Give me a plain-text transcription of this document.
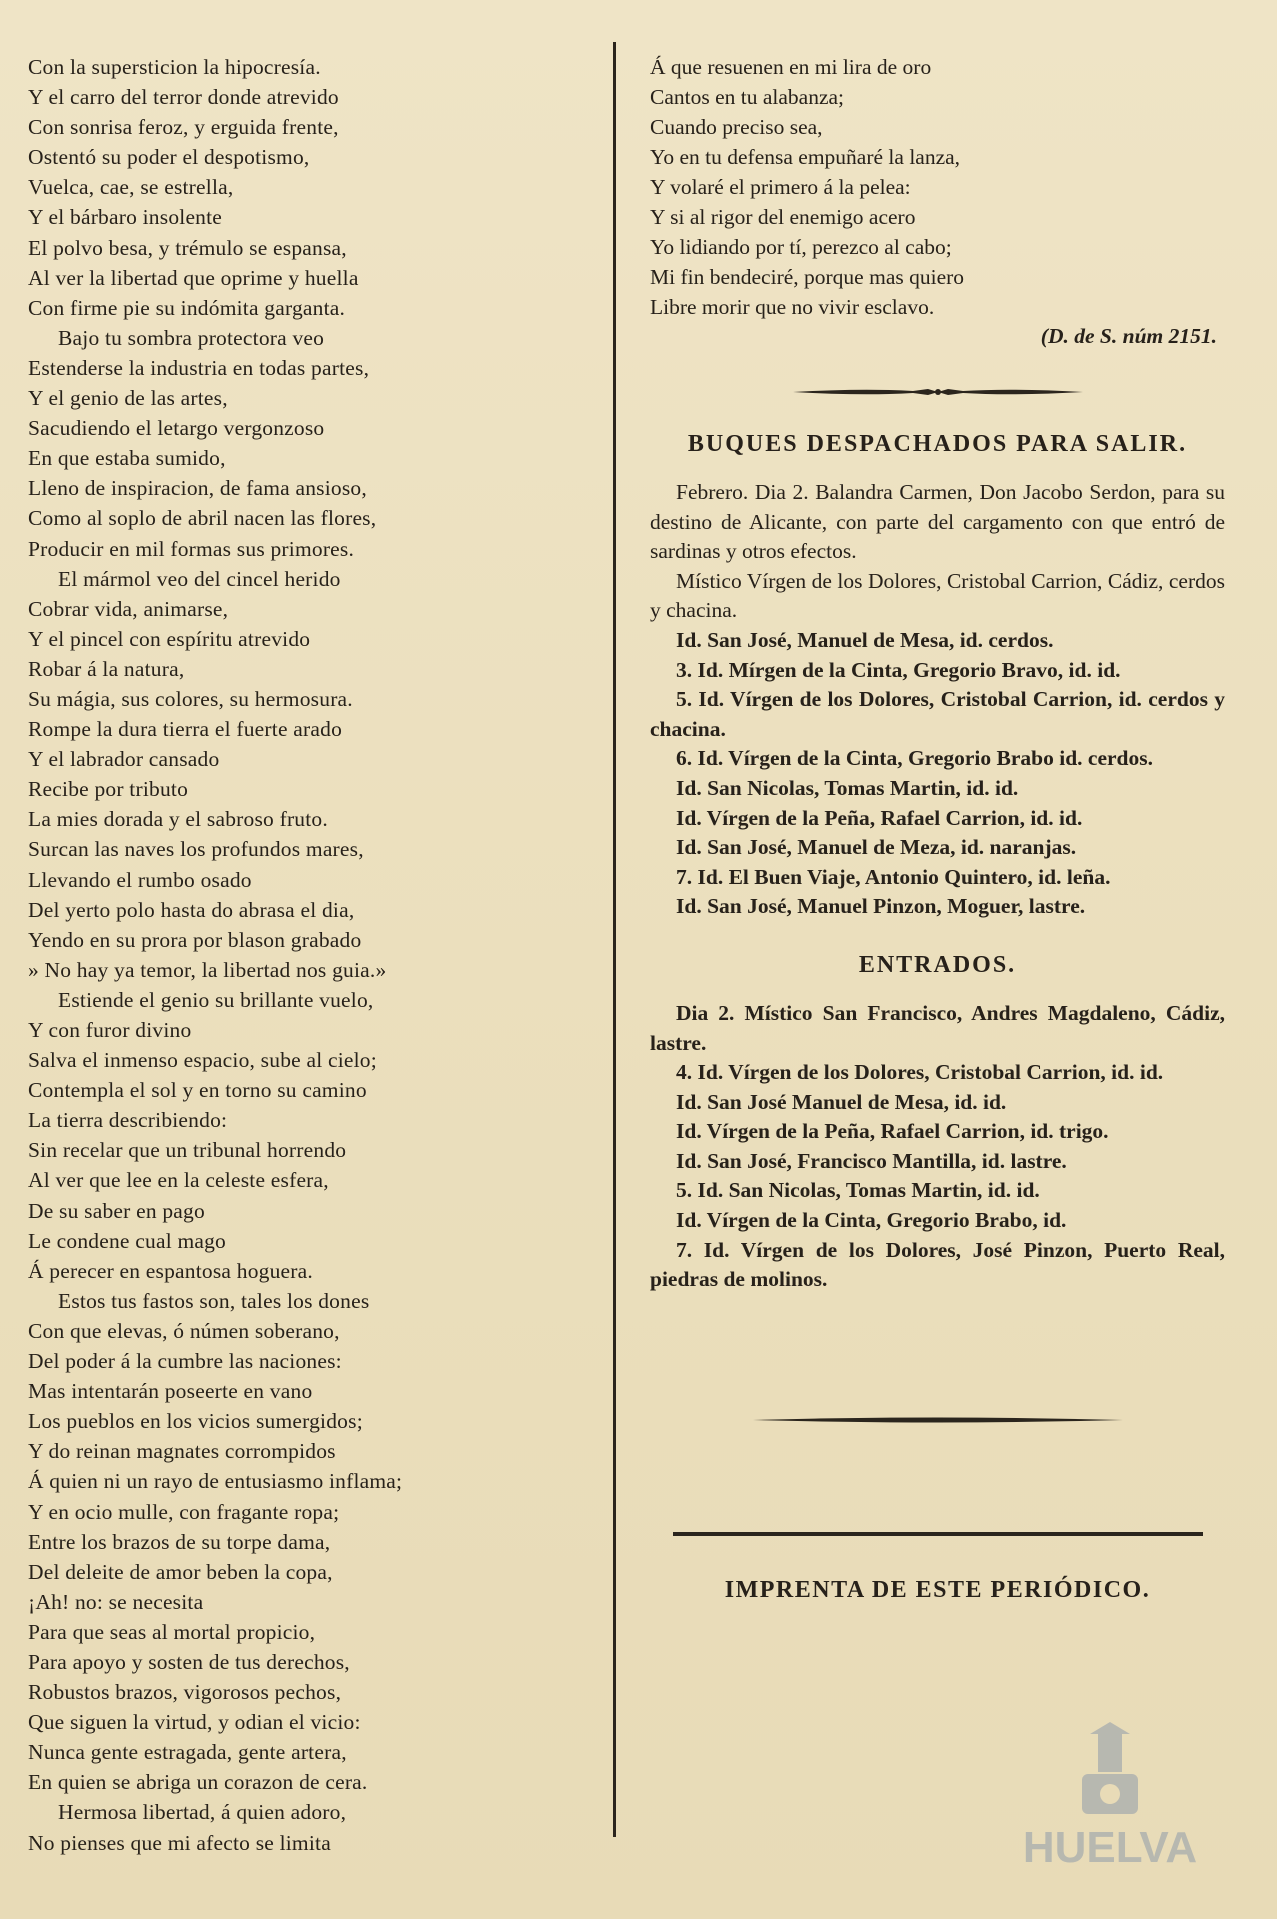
Con la supersticion la hipocresía.
Y el carro del terror donde atrevido
Con sonrisa feroz, y erguida frente,
Ostentó su poder el despotismo,
Vuelca, cae, se estrella,
Y el bárbaro insolente
El polvo besa, y trémulo se espansa,
Al ver la libertad que oprime y huella
Con firme pie su indómita garganta.
Bajo tu sombra protectora veo
Estenderse la industria en todas partes,
Y el genio de las artes,
Sacudiendo el letargo vergonzoso
En que estaba sumido,
Lleno de inspiracion, de fama ansioso,
Como al soplo de abril nacen las flores,
Producir en mil formas sus primores.
El mármol veo del cincel herido
Cobrar vida, animarse,
Y el pincel con espíritu atrevido
Robar á la natura,
Su mágia, sus colores, su hermosura.
Rompe la dura tierra el fuerte arado
Y el labrador cansado
Recibe por tributo
La mies dorada y el sabroso fruto.
Surcan las naves los profundos mares,
Llevando el rumbo osado
Del yerto polo hasta do abrasa el dia,
Yendo en su prora por blason grabado
» No hay ya temor, la libertad nos guia.»
Estiende el genio su brillante vuelo,
Y con furor divino
Salva el inmenso espacio, sube al cielo;
Contempla el sol y en torno su camino
La tierra describiendo:
Sin recelar que un tribunal horrendo
Al ver que lee en la celeste esfera,
De su saber en pago
Le condene cual mago
Á perecer en espantosa hoguera.
Estos tus fastos son, tales los dones
Con que elevas, ó númen soberano,
Del poder á la cumbre las naciones:
Mas intentarán poseerte en vano
Los pueblos en los vicios sumergidos;
Y do reinan magnates corrompidos
Á quien ni un rayo de entusiasmo inflama;
Y en ocio mulle, con fragante ropa;
Entre los brazos de su torpe dama,
Del deleite de amor beben la copa,
¡Ah! no: se necesita
Para que seas al mortal propicio,
Para apoyo y sosten de tus derechos,
Robustos brazos, vigorosos pechos,
Que siguen la virtud, y odian el vicio:
Nunca gente estragada, gente artera,
En quien se abriga un corazon de cera.
Hermosa libertad, á quien adoro,
No pienses que mi afecto se limita
Á que resuenen en mi lira de oro
Cantos en tu alabanza;
Cuando preciso sea,
Yo en tu defensa empuñaré la lanza,
Y volaré el primero á la pelea:
Y si al rigor del enemigo acero
Yo lidiando por tí, perezco al cabo;
Mi fin bendeciré, porque mas quiero
Libre morir que no vivir esclavo.
(D. de S. núm 2151.
BUQUES DESPACHADOS PARA SALIR.
Febrero. Dia 2. Balandra Carmen, Don Jacobo Serdon, para su destino de Alicante, con parte del cargamento con que entró de sardinas y otros efectos.
Místico Vírgen de los Dolores, Cristobal Carrion, Cádiz, cerdos y chacina.
Id. San José, Manuel de Mesa, id. cerdos.
3. Id. Mírgen de la Cinta, Gregorio Bravo, id. id.
5. Id. Vírgen de los Dolores, Cristobal Carrion, id. cerdos y chacina.
6. Id. Vírgen de la Cinta, Gregorio Brabo id. cerdos.
Id. San Nicolas, Tomas Martin, id. id.
Id. Vírgen de la Peña, Rafael Carrion, id. id.
Id. San José, Manuel de Meza, id. naranjas.
7. Id. El Buen Viaje, Antonio Quintero, id. leña.
Id. San José, Manuel Pinzon, Moguer, lastre.
ENTRADOS.
Dia 2. Místico San Francisco, Andres Magdaleno, Cádiz, lastre.
4. Id. Vírgen de los Dolores, Cristobal Carrion, id. id.
Id. San José Manuel de Mesa, id. id.
Id. Vírgen de la Peña, Rafael Carrion, id. trigo.
Id. San José, Francisco Mantilla, id. lastre.
5. Id. San Nicolas, Tomas Martin, id. id.
Id. Vírgen de la Cinta, Gregorio Brabo, id.
7. Id. Vírgen de los Dolores, José Pinzon, Puerto Real, piedras de molinos.
IMPRENTA DE ESTE PERIÓDICO.
HUELVA
